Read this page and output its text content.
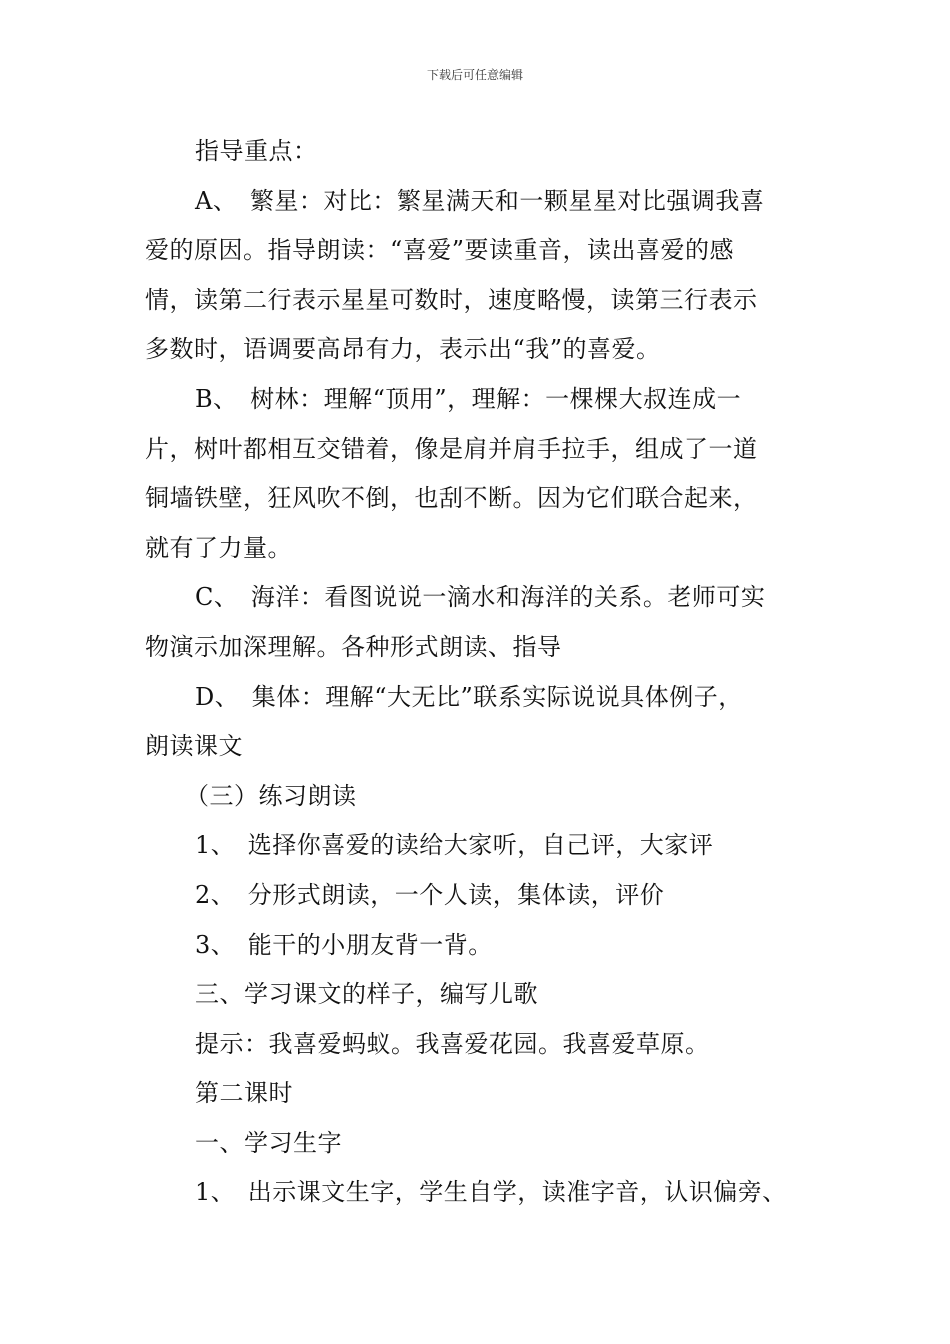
下载后可任意编辑

指导重点：

A、　繁星：对比：繁星满天和一颗星星对比强调我喜

爱的原因。指导朗读：“喜爱”要读重音，读出喜爱的感

情，读第二行表示星星可数时，速度略慢，读第三行表示

多数时，语调要高昂有力，表示出“我”的喜爱。

B、　树林：理解“顶用”，理解：一棵棵大叔连成一

片，树叶都相互交错着，像是肩并肩手拉手，组成了一道

铜墙铁壁，狂风吹不倒，也刮不断。因为它们联合起来，

就有了力量。

C、　海洋：看图说说一滴水和海洋的关系。老师可实

物演示加深理解。各种形式朗读、指导

D、　集体：理解“大无比”联系实际说说具体例子，

朗读课文

（三）练习朗读

1、　选择你喜爱的读给大家听，自己评，大家评

2、　分形式朗读，一个人读，集体读，评价

3、　能干的小朋友背一背。

三、学习课文的样子，编写儿歌

提示：我喜爱蚂蚁。我喜爱花园。我喜爱草原。

第二课时

一、学习生字

1、　出示课文生字，学生自学，读准字音，认识偏旁、
